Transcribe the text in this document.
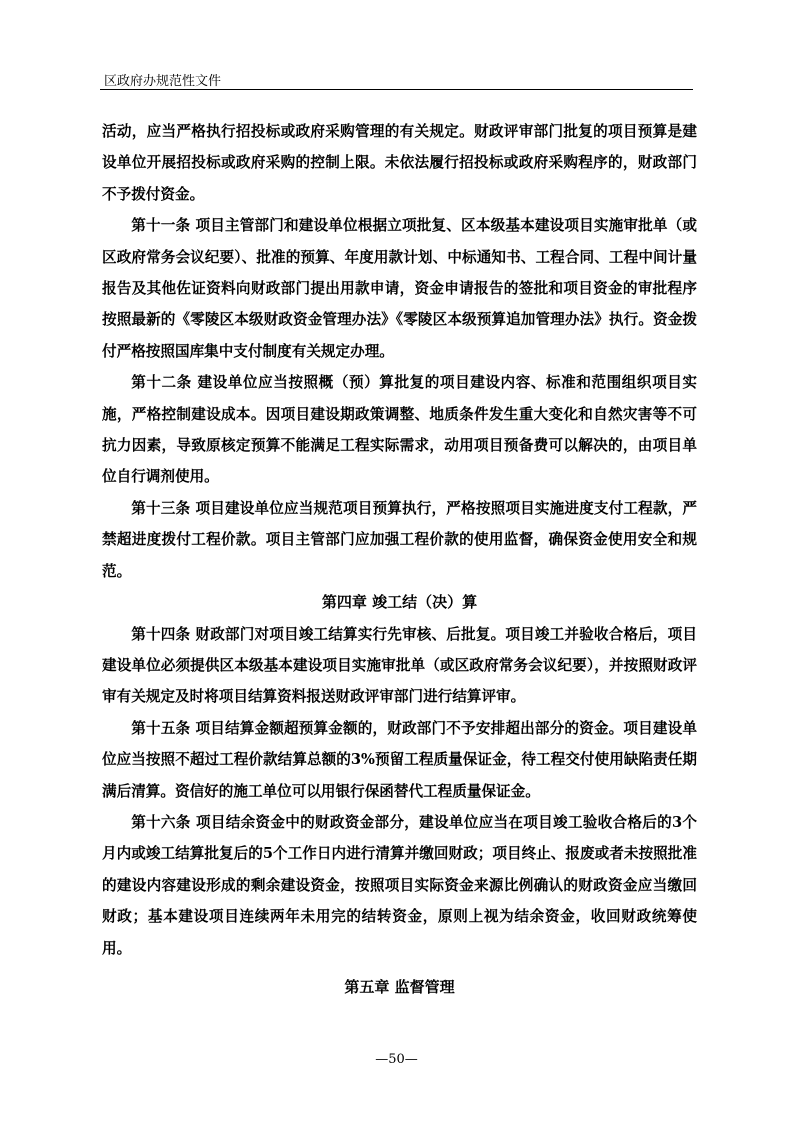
区政府办规范性文件

活动，应当严格执行招投标或政府采购管理的有关规定。财政评审部门批复的项目预算是建设单位开展招投标或政府采购的控制上限。未依法履行招投标或政府采购程序的，财政部门不予拨付资金。

第十一条 项目主管部门和建设单位根据立项批复、区本级基本建设项目实施审批单（或区政府常务会议纪要）、批准的预算、年度用款计划、中标通知书、工程合同、工程中间计量报告及其他佐证资料向财政部门提出用款申请，资金申请报告的签批和项目资金的审批程序按照最新的《零陵区本级财政资金管理办法》《零陵区本级预算追加管理办法》执行。资金拨付严格按照国库集中支付制度有关规定办理。

第十二条 建设单位应当按照概（预）算批复的项目建设内容、标准和范围组织项目实施，严格控制建设成本。因项目建设期政策调整、地质条件发生重大变化和自然灾害等不可抗力因素，导致原核定预算不能满足工程实际需求，动用项目预备费可以解决的，由项目单位自行调剂使用。

第十三条 项目建设单位应当规范项目预算执行，严格按照项目实施进度支付工程款，严禁超进度拨付工程价款。项目主管部门应加强工程价款的使用监督，确保资金使用安全和规范。

第四章 竣工结（决）算

第十四条 财政部门对项目竣工结算实行先审核、后批复。项目竣工并验收合格后，项目建设单位必须提供区本级基本建设项目实施审批单（或区政府常务会议纪要），并按照财政评审有关规定及时将项目结算资料报送财政评审部门进行结算评审。

第十五条 项目结算金额超预算金额的，财政部门不予安排超出部分的资金。项目建设单位应当按照不超过工程价款结算总额的3%预留工程质量保证金，待工程交付使用缺陷责任期满后清算。资信好的施工单位可以用银行保函替代工程质量保证金。

第十六条 项目结余资金中的财政资金部分，建设单位应当在项目竣工验收合格后的3个月内或竣工结算批复后的5个工作日内进行清算并缴回财政；项目终止、报废或者未按照批准的建设内容建设形成的剩余建设资金，按照项目实际资金来源比例确认的财政资金应当缴回财政；基本建设项目连续两年未用完的结转资金，原则上视为结余资金，收回财政统筹使用。

第五章 监督管理
—50—
